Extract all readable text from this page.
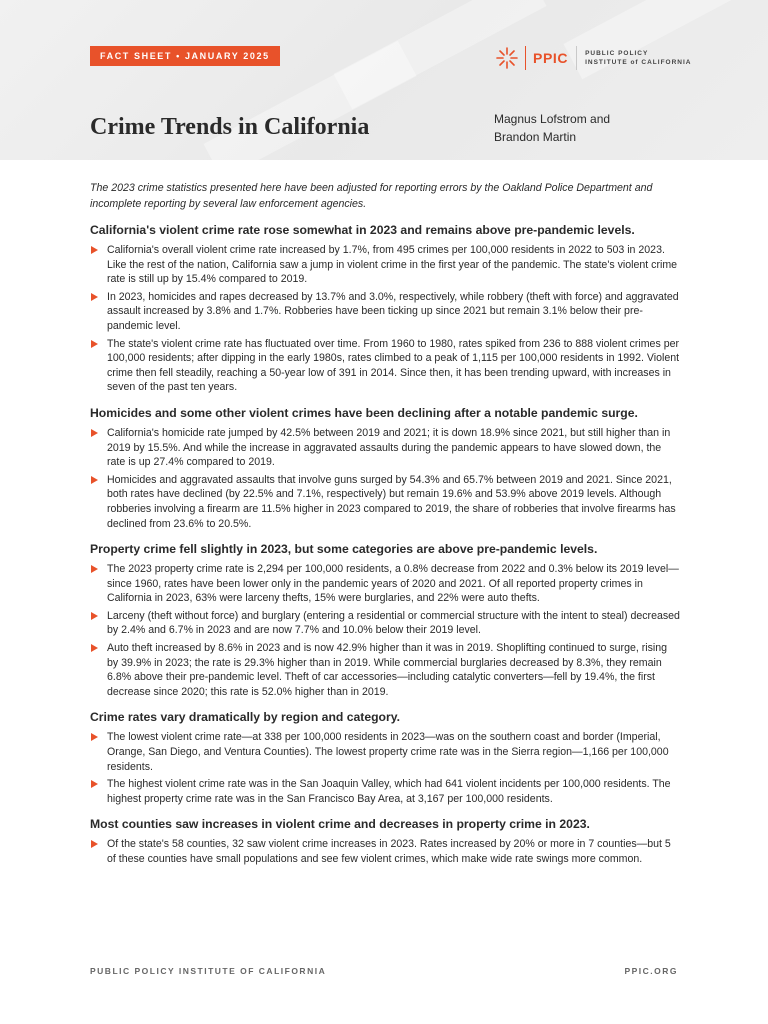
FACT SHEET • JANUARY 2025	PPIC	PUBLIC POLICY
INSTITUTE of CALIFORNIA
Crime Trends in California	Magnus Lofstrom and
Brandon Martin

The 2023 crime statistics presented here have been adjusted for reporting errors by the Oakland Police Department and incomplete reporting by several law enforcement agencies.

California's violent crime rate rose somewhat in 2023 and remains above pre-pandemic levels.
California's overall violent crime rate increased by 1.7%, from 495 crimes per 100,000 residents in 2022 to 503 in 2023. Like the rest of the nation, California saw a jump in violent crime in the first year of the pandemic. The state's violent crime rate is still up by 15.4% compared to 2019.
In 2023, homicides and rapes decreased by 13.7% and 3.0%, respectively, while robbery (theft with force) and aggravated assault increased by 3.8% and 1.7%. Robberies have been ticking up since 2021 but remain 3.1% below their pre-pandemic level.
The state's violent crime rate has fluctuated over time. From 1960 to 1980, rates spiked from 236 to 888 violent crimes per 100,000 residents; after dipping in the early 1980s, rates climbed to a peak of 1,115 per 100,000 residents in 1992. Violent crime then fell steadily, reaching a 50-year low of 391 in 2014. Since then, it has been trending upward, with increases in seven of the past ten years.
Homicides and some other violent crimes have been declining after a notable pandemic surge.
California's homicide rate jumped by 42.5% between 2019 and 2021; it is down 18.9% since 2021, but still higher than in 2019 by 15.5%. And while the increase in aggravated assaults during the pandemic appears to have slowed down, the rate is up 27.4% compared to 2019.
Homicides and aggravated assaults that involve guns surged by 54.3% and 65.7% between 2019 and 2021. Since 2021, both rates have declined (by 22.5% and 7.1%, respectively) but remain 19.6% and 53.9% above 2019 levels. Although robberies involving a firearm are 11.5% higher in 2023 compared to 2019, the share of robberies that involve firearms has declined from 23.6% to 20.5%.
Property crime fell slightly in 2023, but some categories are above pre-pandemic levels.
The 2023 property crime rate is 2,294 per 100,000 residents, a 0.8% decrease from 2022 and 0.3% below its 2019 level—since 1960, rates have been lower only in the pandemic years of 2020 and 2021. Of all reported property crimes in California in 2023, 63% were larceny thefts, 15% were burglaries, and 22% were auto thefts.
Larceny (theft without force) and burglary (entering a residential or commercial structure with the intent to steal) decreased by 2.4% and 6.7% in 2023 and are now 7.7% and 10.0% below their 2019 level.
Auto theft increased by 8.6% in 2023 and is now 42.9% higher than it was in 2019. Shoplifting continued to surge, rising by 39.9% in 2023; the rate is 29.3% higher than in 2019. While commercial burglaries decreased by 8.3%, they remain 6.8% above their pre-pandemic level. Theft of car accessories—including catalytic converters—fell by 19.4%, the first decrease since 2020; this rate is 52.0% higher than in 2019.
Crime rates vary dramatically by region and category.
The lowest violent crime rate—at 338 per 100,000 residents in 2023—was on the southern coast and border (Imperial, Orange, San Diego, and Ventura Counties). The lowest property crime rate was in the Sierra region—1,166 per 100,000 residents.
The highest violent crime rate was in the San Joaquin Valley, which had 641 violent incidents per 100,000 residents. The highest property crime rate was in the San Francisco Bay Area, at 3,167 per 100,000 residents.
Most counties saw increases in violent crime and decreases in property crime in 2023.
Of the state's 58 counties, 32 saw violent crime increases in 2023. Rates increased by 20% or more in 7 counties—but 5 of these counties have small populations and see few violent crimes, which make wide rate swings more common.
PUBLIC POLICY INSTITUTE OF CALIFORNIA	PPIC.ORG
